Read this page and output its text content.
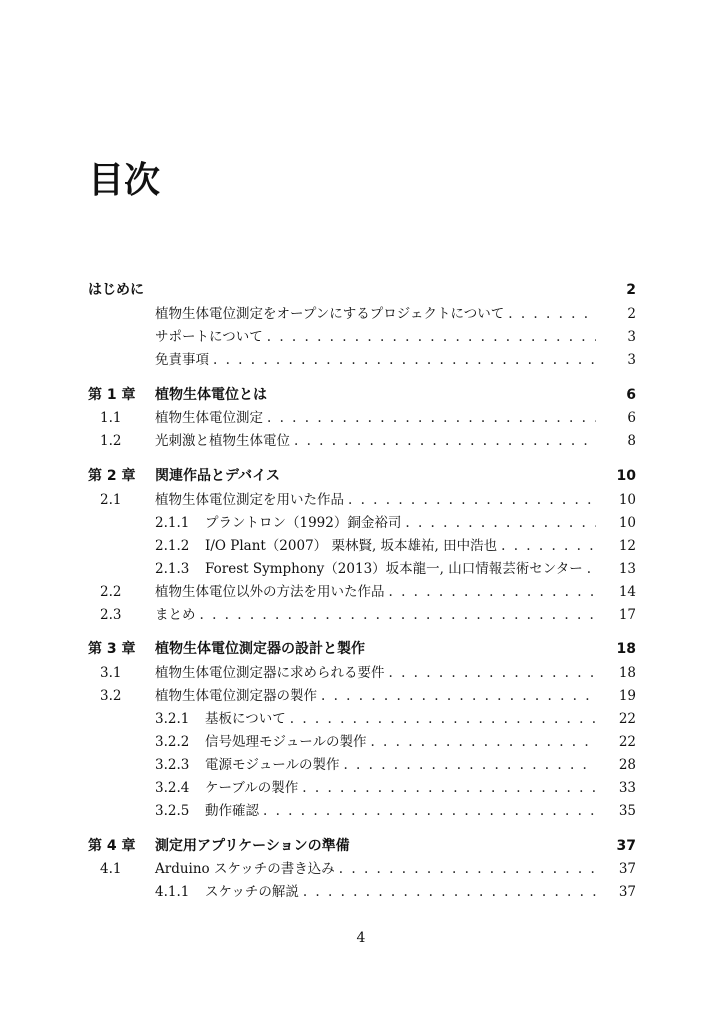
目次
はじめに	2
植物生体電位測定をオープンにするプロジェクトについて . . .	2
サポートについて . . .	3
免責事項 . . .	3
第 1 章	植物生体電位とは	6
1.1	植物生体電位測定 . . .	6
1.2	光刺激と植物生体電位 . . .	8
第 2 章	関連作品とデバイス	10
2.1	植物生体電位測定を用いた作品 . . .	10
2.1.1	プラントロン（1992）銅金裕司 . . .	10
2.1.2	I/O Plant（2007） 栗林賢, 坂本雄祐, 田中浩也 . . .	12
2.1.3	Forest Symphony（2013）坂本龍一, 山口情報芸術センター . . .	13
2.2	植物生体電位以外の方法を用いた作品 . . .	14
2.3	まとめ . . .	17
第 3 章	植物生体電位測定器の設計と製作	18
3.1	植物生体電位測定器に求められる要件 . . .	18
3.2	植物生体電位測定器の製作 . . .	19
3.2.1	基板について . . .	22
3.2.2	信号処理モジュールの製作 . . .	22
3.2.3	電源モジュールの製作 . . .	28
3.2.4	ケーブルの製作 . . .	33
3.2.5	動作確認 . . .	35
第 4 章	測定用アプリケーションの準備	37
4.1	Arduino スケッチの書き込み . . .	37
4.1.1	スケッチの解説 . . .	37
4
